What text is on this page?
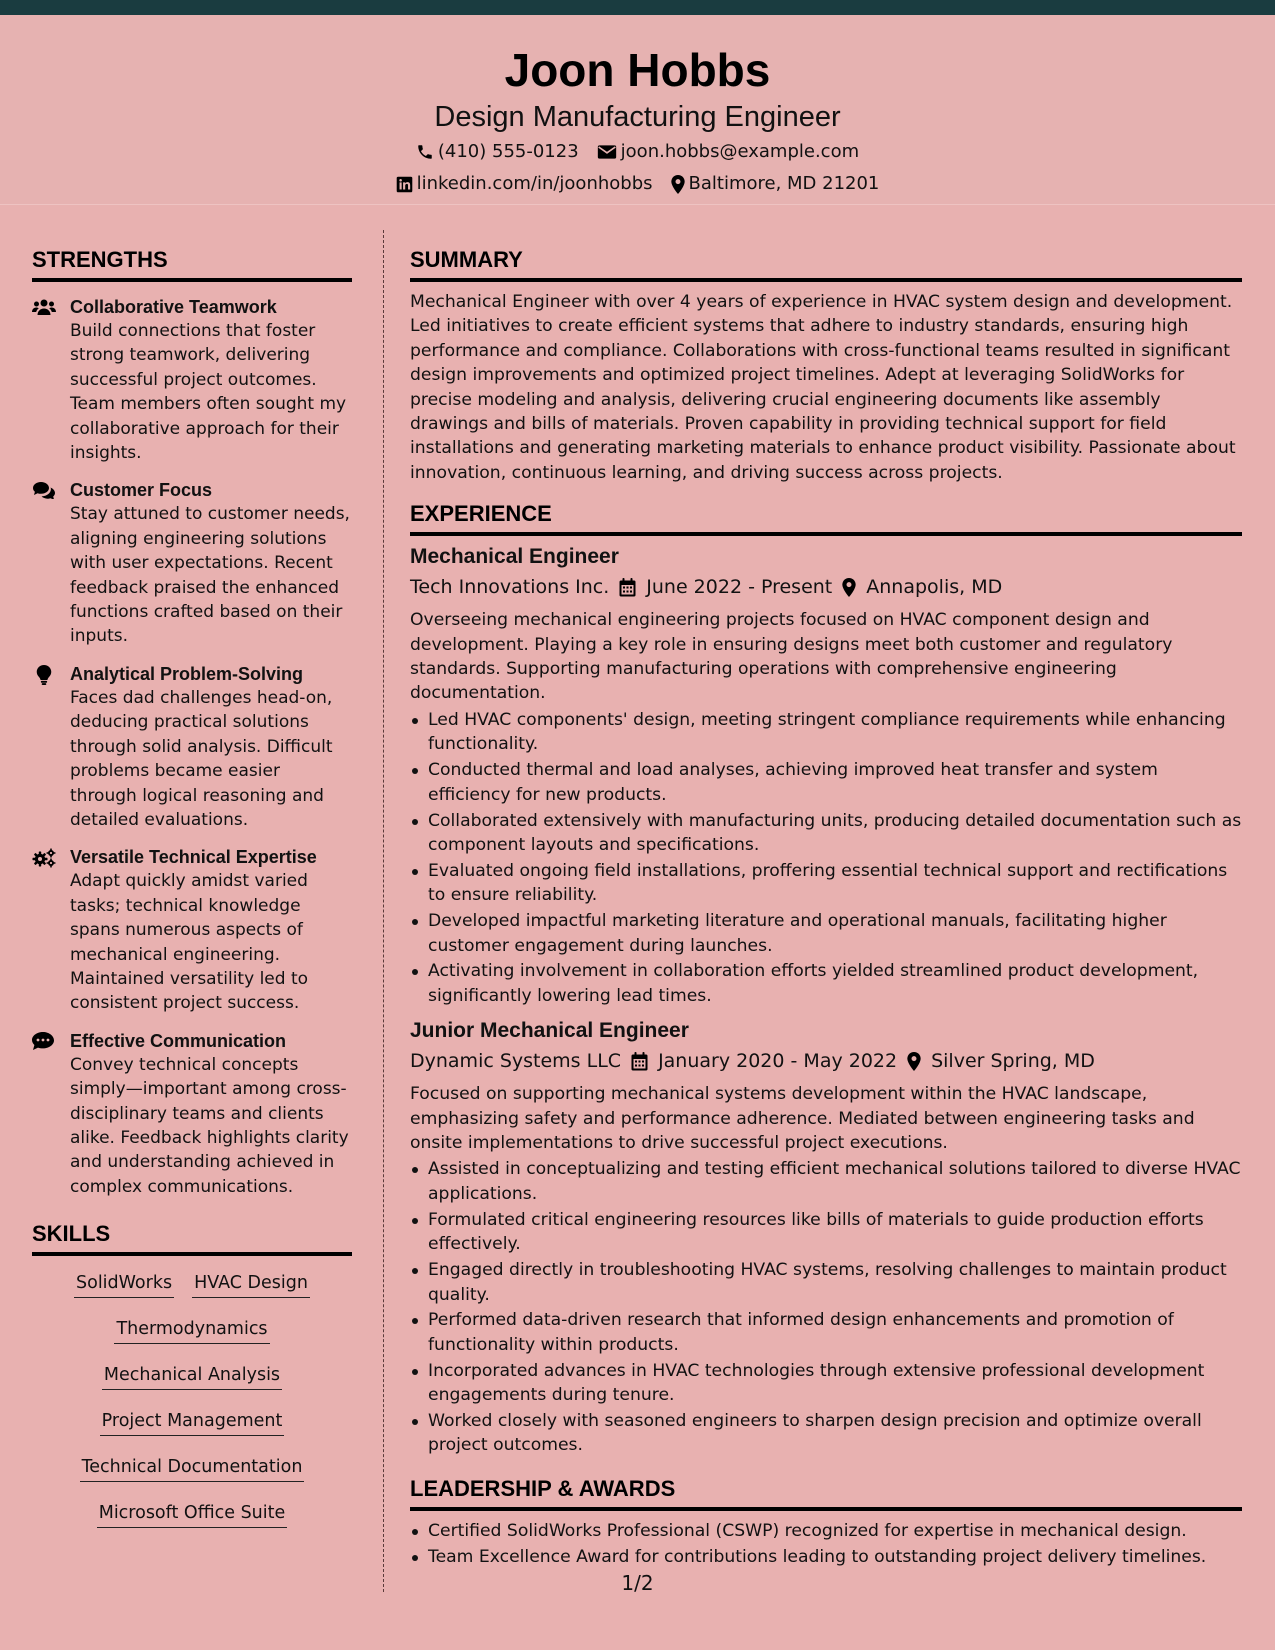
Joon Hobbs
Design Manufacturing Engineer
(410) 555-0123 joon.hobbs@example.com
linkedin.com/in/joonhobbs Baltimore, MD 21201
STRENGTHS
Collaborative Teamwork
Build connections that foster strong teamwork, delivering successful project outcomes. Team members often sought my collaborative approach for their insights.
Customer Focus
Stay attuned to customer needs, aligning engineering solutions with user expectations. Recent feedback praised the enhanced functions crafted based on their inputs.
Analytical Problem-Solving
Faces dad challenges head-on, deducing practical solutions through solid analysis. Difficult problems became easier through logical reasoning and detailed evaluations.
Versatile Technical Expertise
Adapt quickly amidst varied tasks; technical knowledge spans numerous aspects of mechanical engineering. Maintained versatility led to consistent project success.
Effective Communication
Convey technical concepts simply—important among cross-disciplinary teams and clients alike. Feedback highlights clarity and understanding achieved in complex communications.
SKILLS
SolidWorks HVAC Design
Thermodynamics
Mechanical Analysis
Project Management
Technical Documentation
Microsoft Office Suite
SUMMARY
Mechanical Engineer with over 4 years of experience in HVAC system design and development. Led initiatives to create efficient systems that adhere to industry standards, ensuring high performance and compliance. Collaborations with cross-functional teams resulted in significant design improvements and optimized project timelines. Adept at leveraging SolidWorks for precise modeling and analysis, delivering crucial engineering documents like assembly drawings and bills of materials. Proven capability in providing technical support for field installations and generating marketing materials to enhance product visibility. Passionate about innovation, continuous learning, and driving success across projects.
EXPERIENCE
Mechanical Engineer
Tech Innovations Inc. June 2022 - Present Annapolis, MD
Overseeing mechanical engineering projects focused on HVAC component design and development. Playing a key role in ensuring designs meet both customer and regulatory standards. Supporting manufacturing operations with comprehensive engineering documentation.
Led HVAC components' design, meeting stringent compliance requirements while enhancing functionality.
Conducted thermal and load analyses, achieving improved heat transfer and system efficiency for new products.
Collaborated extensively with manufacturing units, producing detailed documentation such as component layouts and specifications.
Evaluated ongoing field installations, proffering essential technical support and rectifications to ensure reliability.
Developed impactful marketing literature and operational manuals, facilitating higher customer engagement during launches.
Activating involvement in collaboration efforts yielded streamlined product development, significantly lowering lead times.
Junior Mechanical Engineer
Dynamic Systems LLC January 2020 - May 2022 Silver Spring, MD
Focused on supporting mechanical systems development within the HVAC landscape, emphasizing safety and performance adherence. Mediated between engineering tasks and onsite implementations to drive successful project executions.
Assisted in conceptualizing and testing efficient mechanical solutions tailored to diverse HVAC applications.
Formulated critical engineering resources like bills of materials to guide production efforts effectively.
Engaged directly in troubleshooting HVAC systems, resolving challenges to maintain product quality.
Performed data-driven research that informed design enhancements and promotion of functionality within products.
Incorporated advances in HVAC technologies through extensive professional development engagements during tenure.
Worked closely with seasoned engineers to sharpen design precision and optimize overall project outcomes.
LEADERSHIP & AWARDS
Certified SolidWorks Professional (CSWP) recognized for expertise in mechanical design.
Team Excellence Award for contributions leading to outstanding project delivery timelines.
1/2
